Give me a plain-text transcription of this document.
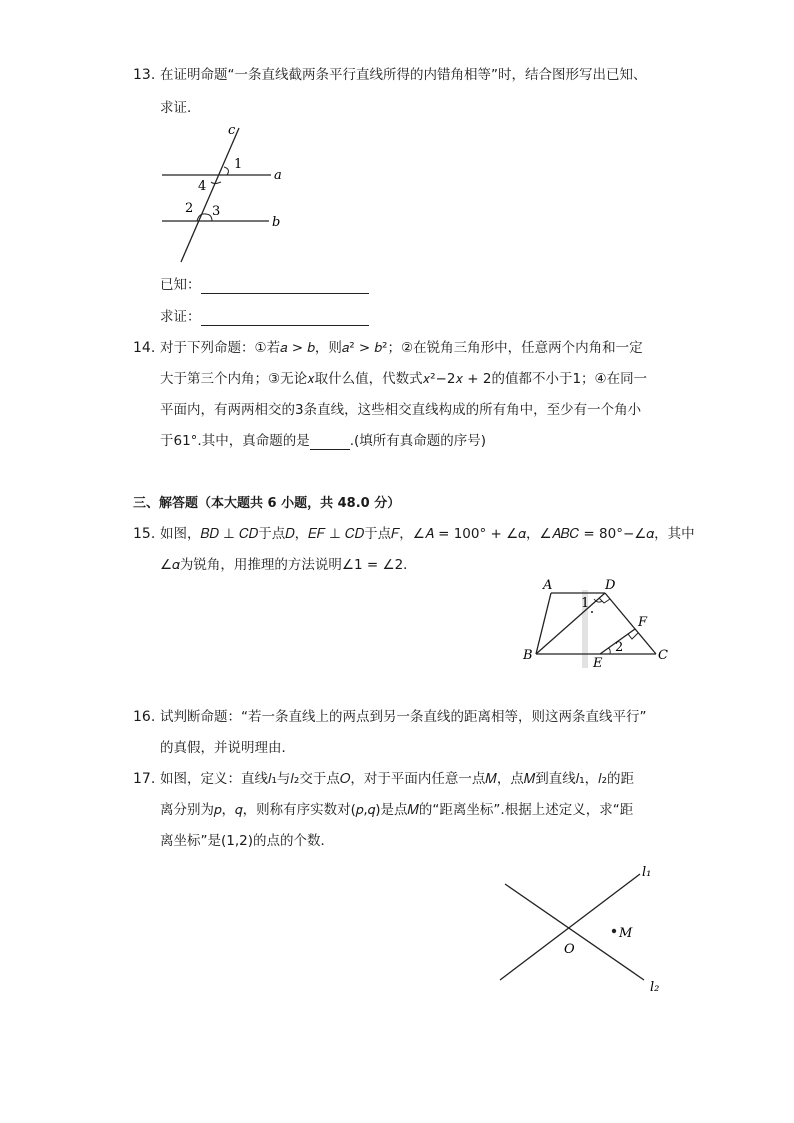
13. 在证明命题“一条直线截两条平行直线所得的内错角相等”时，结合图形写出已知、
求证．
c
a
b
1
4
2 3
已知：
求证：
14. 对于下列命题：①若𝑎 > 𝑏，则𝑎² > 𝑏²；②在锐角三角形中，任意两个内角和一定
大于第三个内角；③无论𝑥取什么值，代数式𝑥²−2𝑥 + 2的值都不小于1；④在同一
平面内，有两两相交的3条直线，这些相交直线构成的所有角中，至少有一个角小
于61°.其中，真命题的是	.(填所有真命题的序号)
三、解答题（本大题共 6 小题，共 48.0 分）
15. 如图，𝐵𝐷 ⊥ 𝐶𝐷于点𝐷，𝐸𝐹 ⊥ 𝐶𝐷于点𝐹，∠𝐴 = 100° + ∠𝛼，∠𝐴𝐵𝐶 = 80°−∠𝛼，其中
∠𝛼为锐角，用推理的方法说明∠1 = ∠2．
A	D
B	C
E
F
1
2
16. 试判断命题：“若一条直线上的两点到另一条直线的距离相等，则这两条直线平行”
的真假，并说明理由．
17. 如图，定义：直线𝑙₁与𝑙₂交于点𝑂，对于平面内任意一点𝑀，点𝑀到直线𝑙₁，𝑙₂的距
离分别为𝑝，𝑞，则称有序实数对(𝑝,𝑞)是点𝑀的“距离坐标”.根据上述定义，求“距
离坐标”是(1,2)的点的个数．
l₁
l₂
O
M
